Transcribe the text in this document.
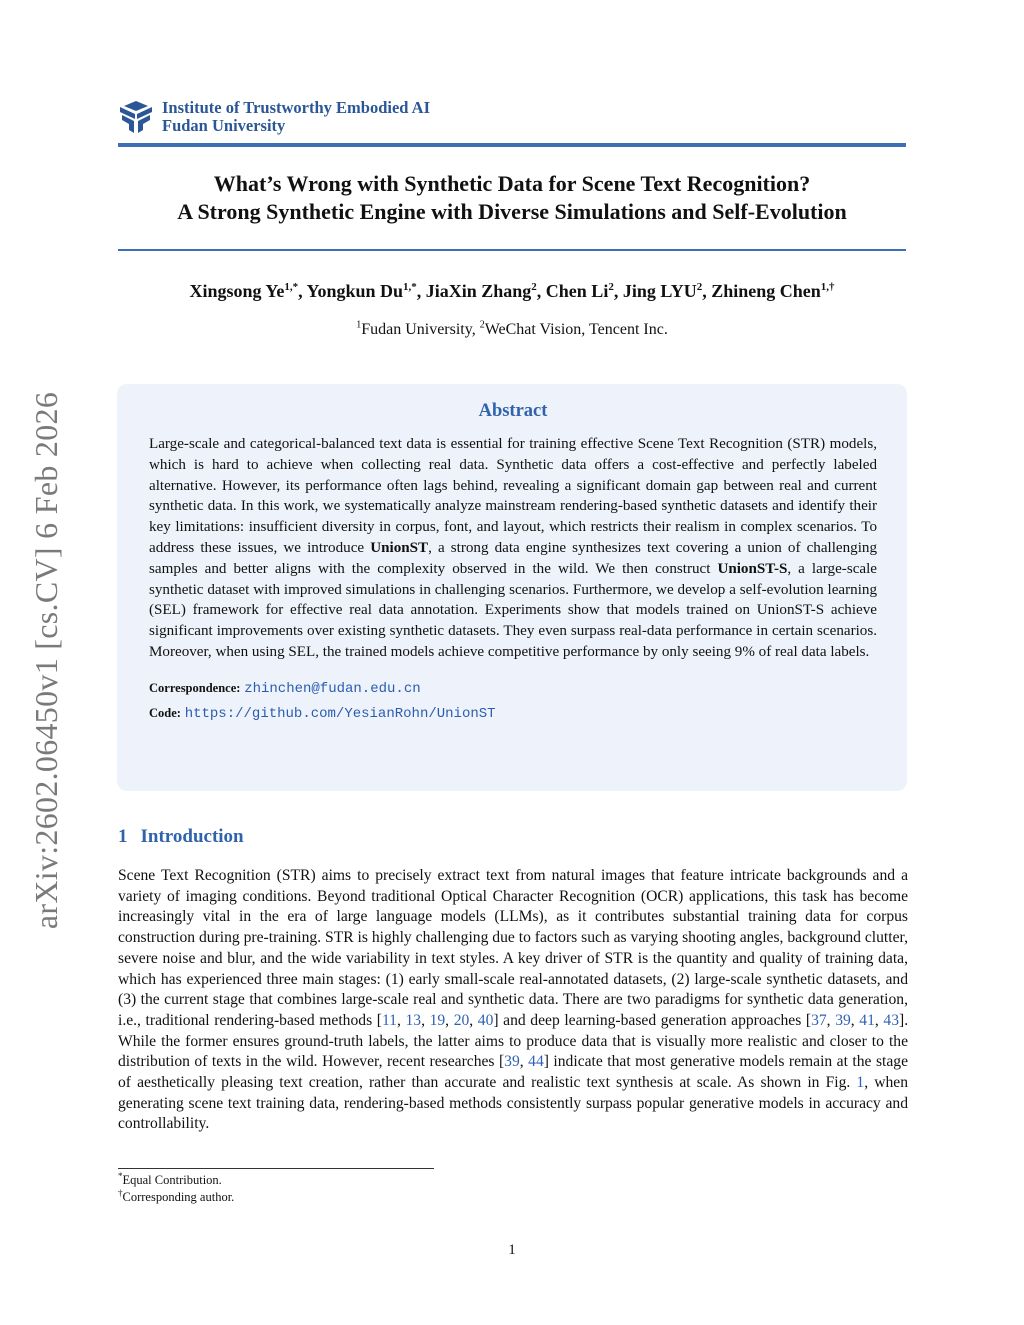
arXiv:2602.06450v1 [cs.CV] 6 Feb 2026
Institute of Trustworthy Embodied AI
Fudan University
What’s Wrong with Synthetic Data for Scene Text Recognition?
A Strong Synthetic Engine with Diverse Simulations and Self-Evolution
Xingsong $Ye^{1,*}$, Yongkun $Du^{1,*}$, JiaXin Zhang$^2$, Chen Li$^2$, Jing LYU$^2$, Zhineng Chen$^{1,\dagger}$
$^1$Fudan University, $^2$WeChat Vision, Tencent Inc.
Abstract
Large-scale and categorical-balanced text data is essential for training effective Scene Text Recognition (STR) models, which is hard to achieve when collecting real data. Synthetic data offers a cost-effective and perfectly labeled alternative. However, its performance often lags behind, revealing a significant domain gap between real and current synthetic data. In this work, we systematically analyze mainstream rendering-based synthetic datasets and identify their key limitations: insufficient diversity in corpus, font, and layout, which restricts their realism in complex scenarios. To address these issues, we introduce UnionST, a strong data engine synthesizes text covering a union of challenging samples and better aligns with the complexity observed in the wild. We then construct UnionST-S, a large-scale synthetic dataset with improved simulations in challenging scenarios. Furthermore, we develop a self-evolution learning (SEL) framework for effective real data annotation. Experiments show that models trained on UnionST-S achieve significant improvements over existing synthetic datasets. They even surpass real-data performance in certain scenarios. Moreover, when using SEL, the trained models achieve competitive performance by only seeing 9% of real data labels.
Correspondence: zhinchen@fudan.edu.cn
Code: https://github.com/YesianRohn/UnionST
1 Introduction
Scene Text Recognition (STR) aims to precisely extract text from natural images that feature intricate backgrounds and a variety of imaging conditions. Beyond traditional Optical Character Recognition (OCR) applications, this task has become increasingly vital in the era of large language models (LLMs), as it contributes substantial training data for corpus construction during pre-training. STR is highly challenging due to factors such as varying shooting angles, background clutter, severe noise and blur, and the wide variability in text styles. A key driver of STR is the quantity and quality of training data, which has experienced three main stages: (1) early small-scale real-annotated datasets, (2) large-scale synthetic datasets, and (3) the current stage that combines large-scale real and synthetic data. There are two paradigms for synthetic data generation, i.e., traditional rendering-based methods [11, 13, 19, 20, 40] and deep learning-based generation approaches [37, 39, 41, 43]. While the former ensures ground-truth labels, the latter aims to produce data that is visually more realistic and closer to the distribution of texts in the wild. However, recent researches [39, 44] indicate that most generative models remain at the stage of aesthetically pleasing text creation, rather than accurate and realistic text synthesis at scale. As shown in Fig. 1, when generating scene text training data, rendering-based methods consistently surpass popular generative models in accuracy and controllability.
*Equal Contribution.
†Corresponding author.
1
